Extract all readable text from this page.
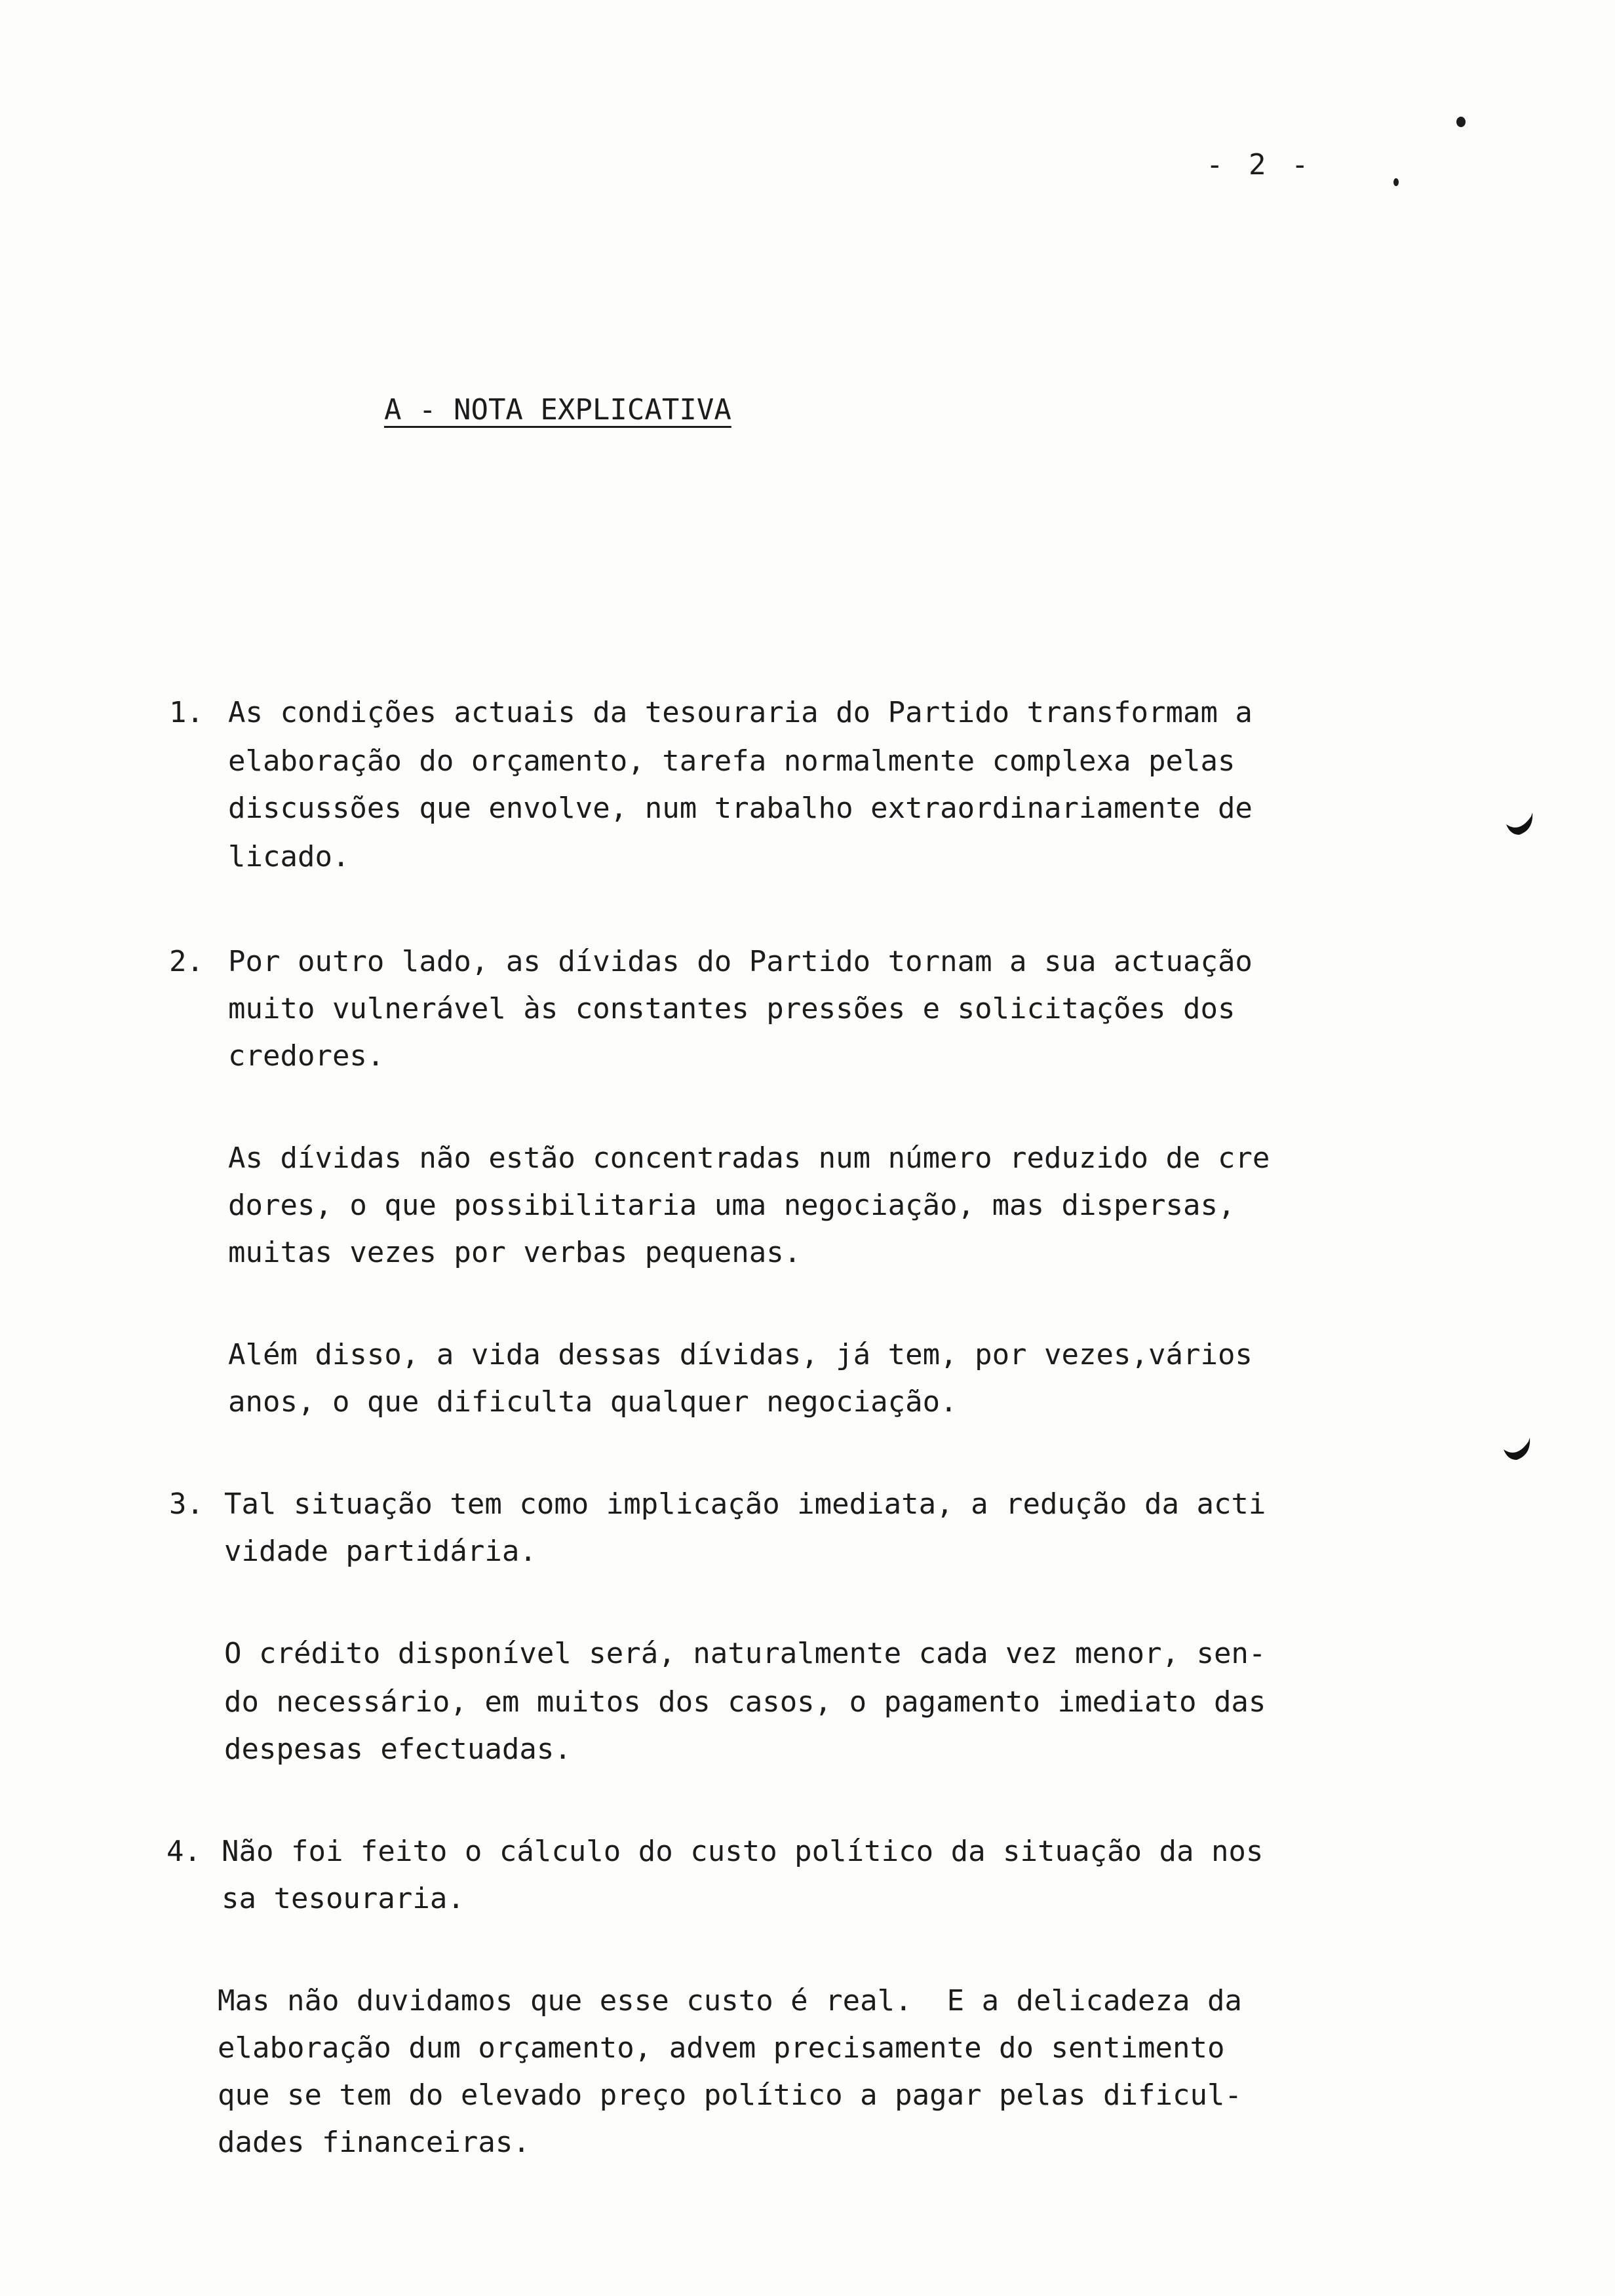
- 2 -
A - NOTA EXPLICATIVA
1. As condições actuais da tesouraria do Partido transformam a
elaboração do orçamento, tarefa normalmente complexa pelas
discussões que envolve, num trabalho extraordinariamente de
licado.
2. Por outro lado, as dívidas do Partido tornam a sua actuação
muito vulnerável às constantes pressões e solicitações dos
credores.
As dívidas não estão concentradas num número reduzido de cre
dores, o que possibilitaria uma negociação, mas dispersas,
muitas vezes por verbas pequenas.
Além disso, a vida dessas dívidas, já tem, por vezes,vários
anos, o que dificulta qualquer negociação.
3. Tal situação tem como implicação imediata, a redução da acti
vidade partidária.
O crédito disponível será, naturalmente cada vez menor, sen-
do necessário, em muitos dos casos, o pagamento imediato das
despesas efectuadas.
4. Não foi feito o cálculo do custo político da situação da nos
sa tesouraria.
Mas não duvidamos que esse custo é real.  E a delicadeza da
elaboração dum orçamento, advem precisamente do sentimento
que se tem do elevado preço político a pagar pelas dificul-
dades financeiras.
